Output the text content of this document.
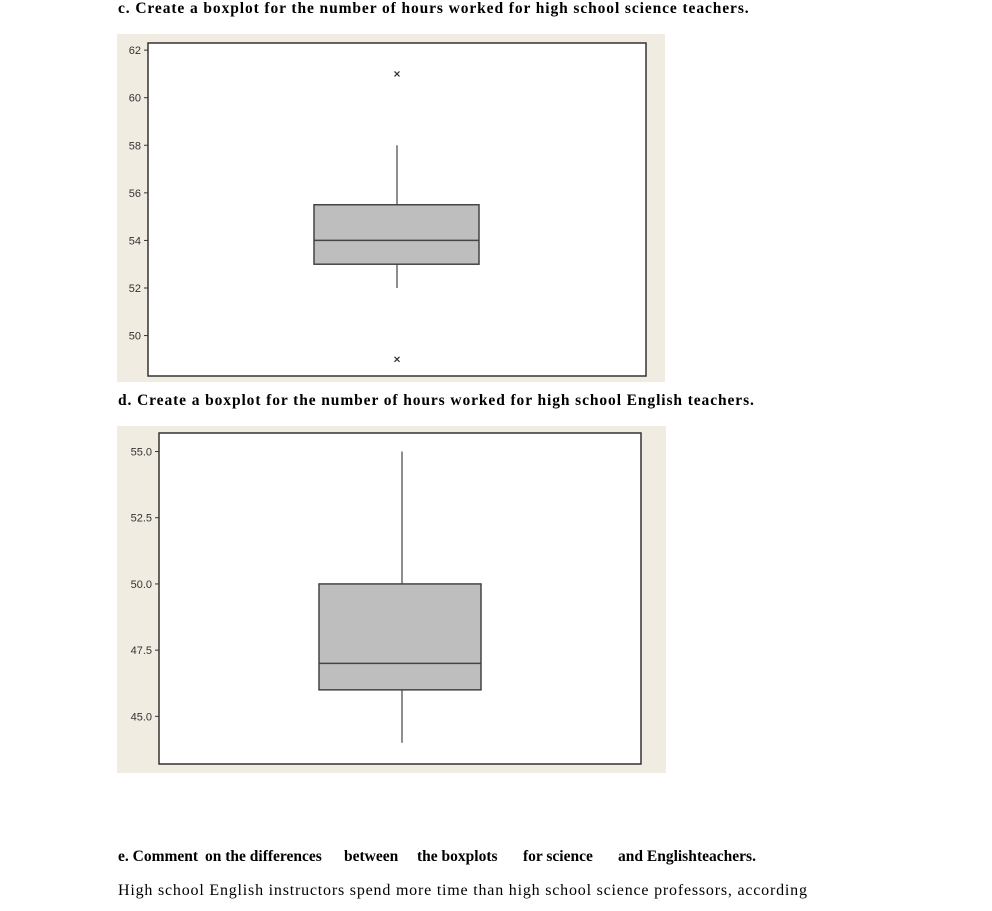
c. Create a boxplot for the number of hours worked for high school science teachers.

50
52
54
56
58
60
62

d. Create a boxplot for the number of hours worked for high school English teachers.

45.0
47.5
50.0
52.5
55.0
e. Comment on the differences	between	the boxplots	for science	and English teachers.

High school English instructors spend more time than high school science professors, according
